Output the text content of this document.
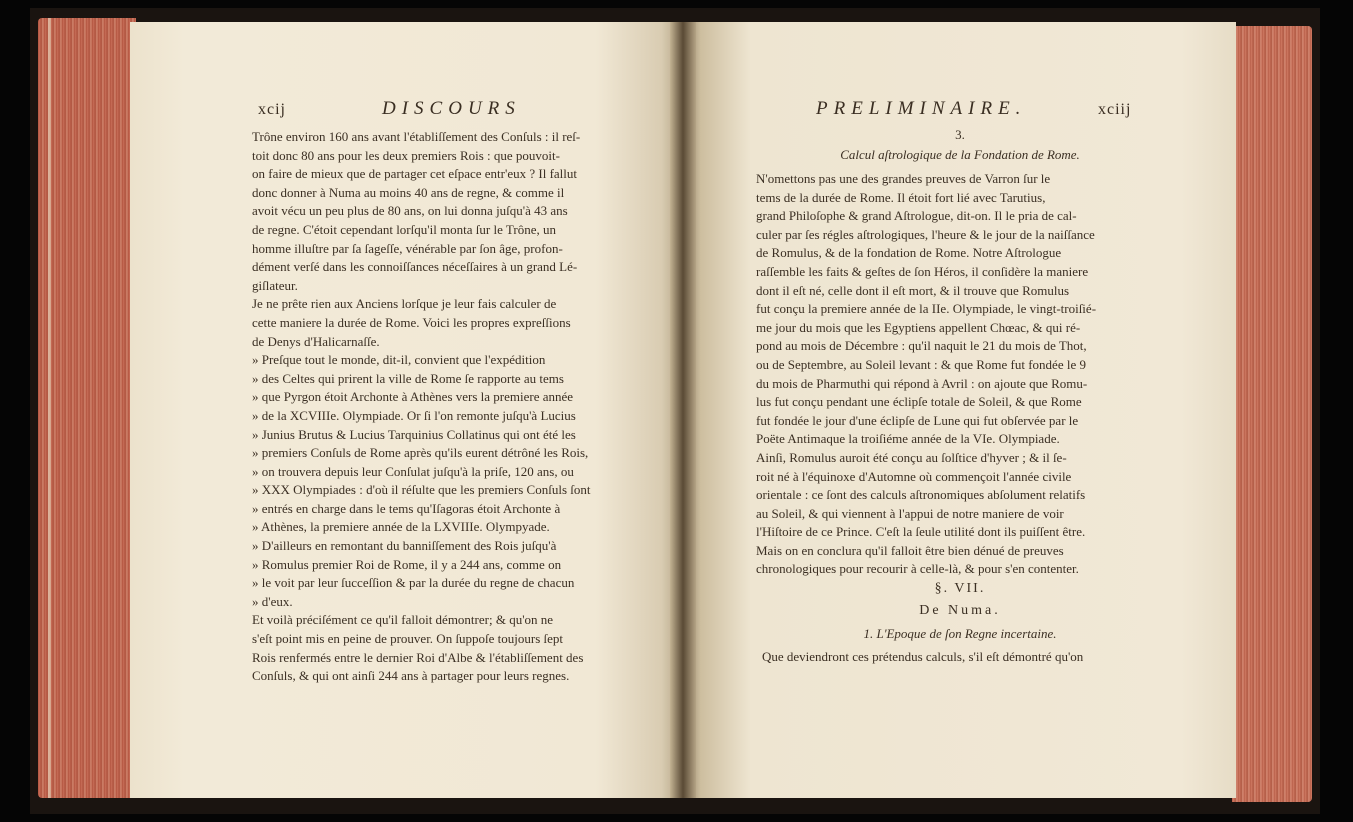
xcij	DISCOURS

Trône environ 160 ans avant l'établiſſement des Conſuls : il reſ-

toit donc 80 ans pour les deux premiers Rois : que pouvoit-

on faire de mieux que de partager cet eſpace entr'eux ? Il fallut

donc donner à Numa au moins 40 ans de regne, & comme il

avoit vécu un peu plus de 80 ans, on lui donna juſqu'à 43 ans

de regne. C'étoit cependant lorſqu'il monta ſur le Trône, un

homme illuſtre par ſa ſageſſe, vénérable par ſon âge, profon-

dément verſé dans les connoiſſances néceſſaires à un grand Lé-

giſlateur.

Je ne prête rien aux Anciens lorſque je leur fais calculer de

cette maniere la durée de Rome. Voici les propres expreſſions

de Denys d'Halicarnaſſe.

» Preſque tout le monde, dit-il, convient que l'expédition

» des Celtes qui prirent la ville de Rome ſe rapporte au tems

» que Pyrgon étoit Archonte à Athènes vers la premiere année

» de la XCVIIIe. Olympiade. Or ſi l'on remonte juſqu'à Lucius

» Junius Brutus & Lucius Tarquinius Collatinus qui ont été les

» premiers Conſuls de Rome après qu'ils eurent détrôné les Rois,

» on trouvera depuis leur Conſulat juſqu'à la priſe, 120 ans, ou

» XXX Olympiades : d'où il réſulte que les premiers Conſuls ſont

» entrés en charge dans le tems qu'Iſagoras étoit Archonte à

» Athènes, la premiere année de la LXVIIIe. Olympyade.

» D'ailleurs en remontant du banniſſement des Rois juſqu'à

» Romulus premier Roi de Rome, il y a 244 ans, comme on

» le voit par leur ſucceſſion & par la durée du regne de chacun

» d'eux.

Et voilà préciſément ce qu'il falloit démontrer; & qu'on ne

s'eſt point mis en peine de prouver. On ſuppoſe toujours ſept

Rois renfermés entre le dernier Roi d'Albe & l'établiſſement des

Conſuls, & qui ont ainſi 244 ans à partager pour leurs regnes.

PRELIMINAIRE.	xciij
3.
Calcul aſtrologique de la Fondation de Rome.

N'omettons pas une des grandes preuves de Varron ſur le

tems de la durée de Rome. Il étoit fort lié avec Tarutius,

grand Philoſophe & grand Aſtrologue, dit-on. Il le pria de cal-

culer par ſes régles aſtrologiques, l'heure & le jour de la naiſſance

de Romulus, & de la fondation de Rome. Notre Aſtrologue

raſſemble les faits & geſtes de ſon Héros, il conſidère la maniere

dont il eſt né, celle dont il eſt mort, & il trouve que Romulus

fut conçu la premiere année de la IIe. Olympiade, le vingt-troiſié-

me jour du mois que les Egyptiens appellent Chœac, & qui ré-

pond au mois de Décembre : qu'il naquit le 21 du mois de Thot,

ou de Septembre, au Soleil levant : & que Rome fut fondée le 9

du mois de Pharmuthi qui répond à Avril : on ajoute que Romu-

lus fut conçu pendant une éclipſe totale de Soleil, & que Rome

fut fondée le jour d'une éclipſe de Lune qui fut obſervée par le

Poëte Antimaque la troiſiéme année de la VIe. Olympiade.

Ainſi, Romulus auroit été conçu au ſolſtice d'hyver ; & il ſe-

roit né à l'équinoxe d'Automne où commençoit l'année civile

orientale : ce ſont des calculs aſtronomiques abſolument relatifs

au Soleil, & qui viennent à l'appui de notre maniere de voir

l'Hiſtoire de ce Prince. C'eſt la ſeule utilité dont ils puiſſent être.

Mais on en conclura qu'il falloit être bien dénué de preuves

chronologiques pour recourir à celle-là, & pour s'en contenter.

§. VII.
De Numa.
1. L'Epoque de ſon Regne incertaine.

Que deviendront ces prétendus calculs, s'il eſt démontré qu'on
